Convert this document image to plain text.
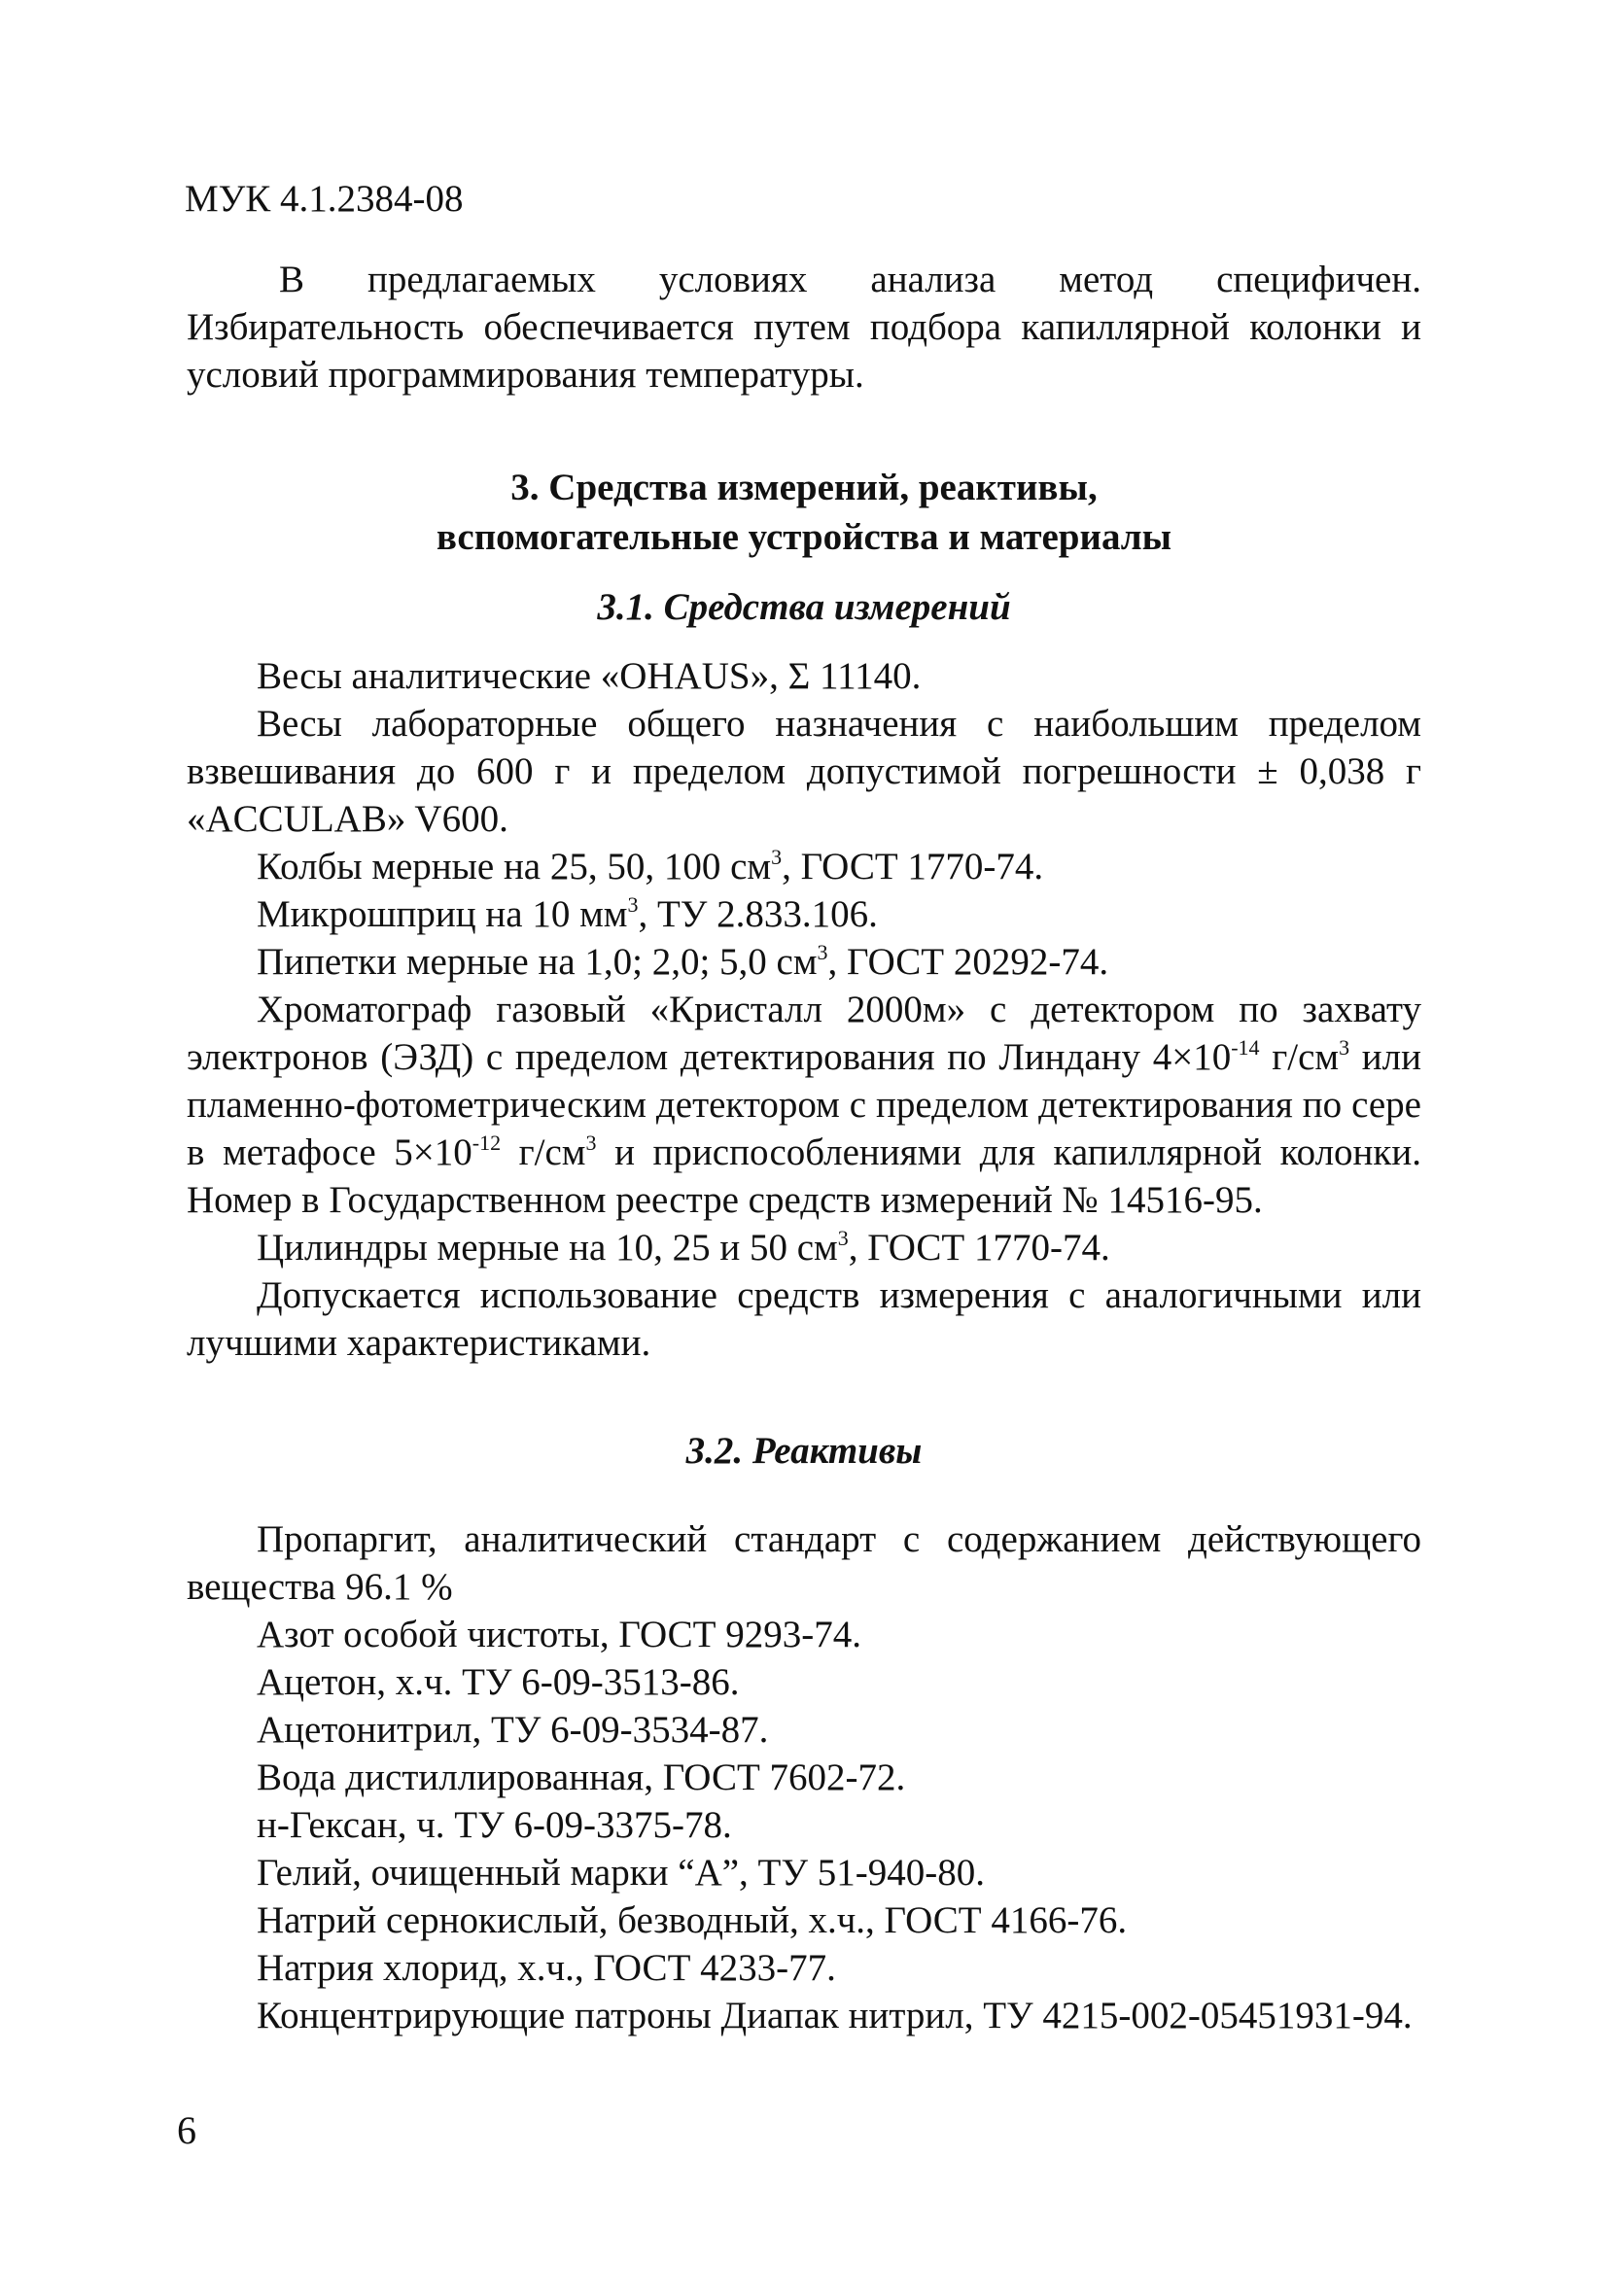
МУК 4.1.2384-08

В предлагаемых условиях анализа метод специфичен. Избирательность обеспечивается путем подбора капиллярной колонки и условий программирования температуры.

3. Средства измерений, реактивы,
вспомогательные устройства и материалы
3.1. Средства измерений

Весы аналитические «OHAUS», Σ 11140.

Весы лабораторные общего назначения с наибольшим пределом взвешивания до 600 г и пределом допустимой погрешности ± 0,038 г «ACCULAB» V600.

Колбы мерные на 25, 50, 100 $см^3$, ГОСТ 1770-74.

Микрошприц на 10 $мм^3$, ТУ 2.833.106.

Пипетки мерные на 1,0; 2,0; 5,0 $см^3$, ГОСТ 20292-74.

Хроматограф газовый «Кристалл 2000м» с детектором по захвату электронов (ЭЗД) с пределом детектирования по Линдану $4\times 10^{-14}$ $г/см^3$ или пламенно-фотометрическим детектором с пределом детектирования по сере в метафосе $5\times 10^{-12}$ $г/см^3$ и приспособлениями для капиллярной колонки. Номер в Государственном реестре средств измерений № 14516-95.

Цилиндры мерные на 10, 25 и 50 $см^3$, ГОСТ 1770-74.

Допускается использование средств измерения с аналогичными или лучшими характеристиками.

3.2. Реактивы

Пропаргит, аналитический стандарт с содержанием действующего вещества 96.1 %

Азот особой чистоты, ГОСТ 9293-74.

Ацетон, х.ч. ТУ 6-09-3513-86.

Ацетонитрил, ТУ 6-09-3534-87.

Вода дистиллированная, ГОСТ 7602-72.

н-Гексан, ч. ТУ 6-09-3375-78.

Гелий, очищенный марки “А”, ТУ 51-940-80.

Натрий сернокислый, безводный, х.ч., ГОСТ 4166-76.

Натрия хлорид, х.ч., ГОСТ 4233-77.

Концентрирующие патроны Диапак нитрил, ТУ 4215-002-05451931-94.

6
